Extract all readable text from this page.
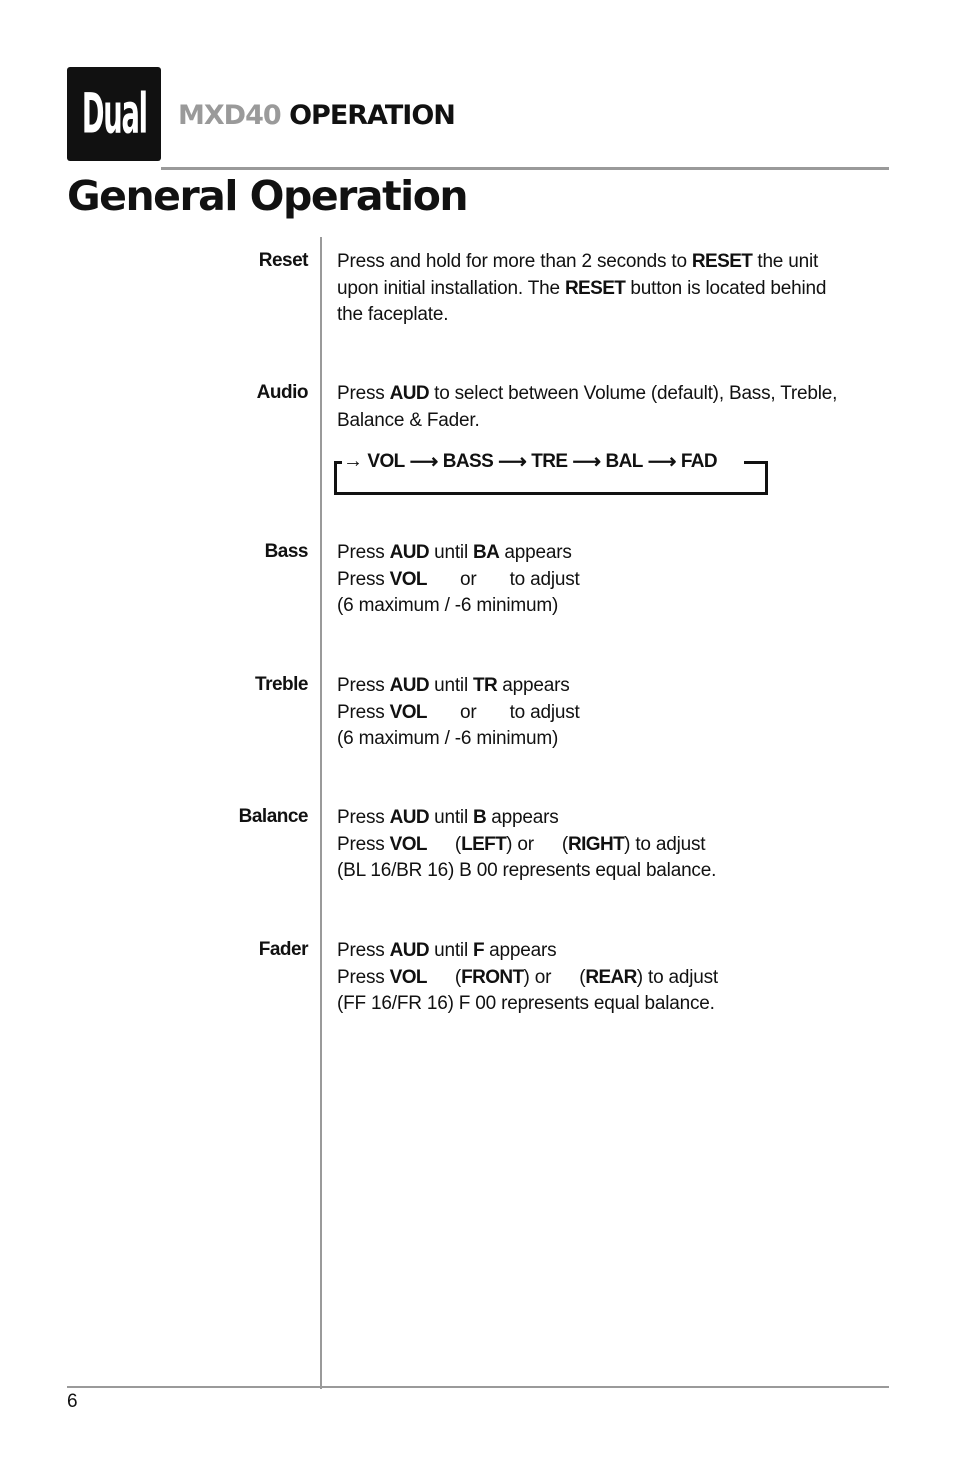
Dual MXD40 OPERATION
General Operation
Reset Press and hold for more than 2 seconds to RESET the unit
upon initial installation. The RESET button is located behind
the faceplate.
Audio Press AUD to select between Volume (default), Bass, Treble,
Balance & Fader.
→ VOL ⟶ BASS ⟶ TRE ⟶ BAL ⟶ FAD
Bass Press AUD until BA appears
Press VOL or to adjust
(6 maximum / -6 minimum)
Treble Press AUD until TR appears
Press VOL or to adjust
(6 maximum / -6 minimum)
Balance Press AUD until B appears
Press VOL (LEFT) or (RIGHT) to adjust
(BL 16/BR 16) B 00 represents equal balance.
Fader Press AUD until F appears
Press VOL (FRONT) or (REAR) to adjust
(FF 16/FR 16) F 00 represents equal balance.
6
